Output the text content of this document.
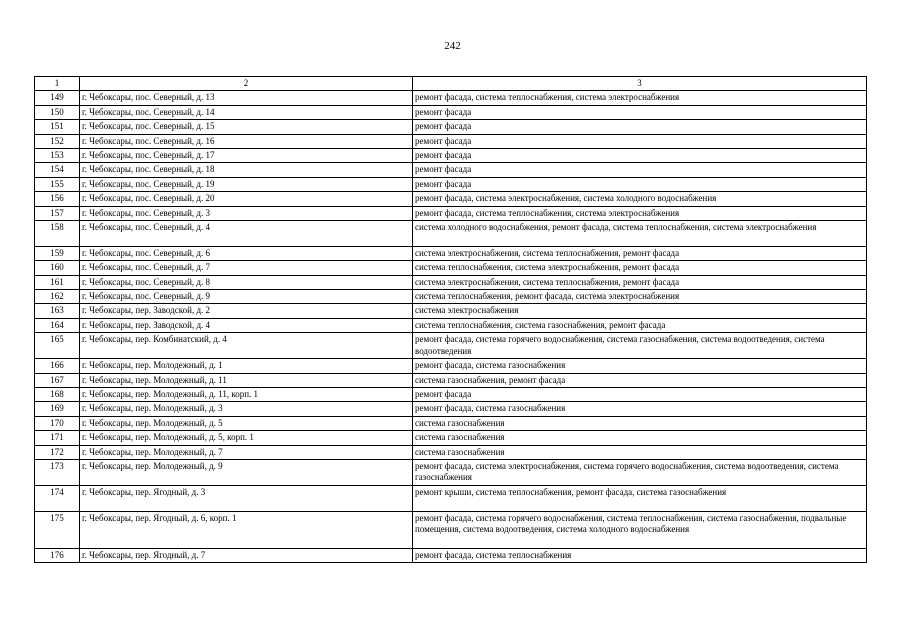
242
1	2	3
149	г. Чебоксары, пос. Северный, д. 13	ремонт фасада, система теплоснабжения, система электроснабжения
150	г. Чебоксары, пос. Северный, д. 14	ремонт фасада
151	г. Чебоксары, пос. Северный, д. 15	ремонт фасада
152	г. Чебоксары, пос. Северный, д. 16	ремонт фасада
153	г. Чебоксары, пос. Северный, д. 17	ремонт фасада
154	г. Чебоксары, пос. Северный, д. 18	ремонт фасада
155	г. Чебоксары, пос. Северный, д. 19	ремонт фасада
156	г. Чебоксары, пос. Северный, д. 20	ремонт фасада, система электроснабжения, система холодного водоснабжения
157	г. Чебоксары, пос. Северный, д. 3	ремонт фасада, система теплоснабжения, система электроснабжения
158	г. Чебоксары, пос. Северный, д. 4	система холодного водоснабжения, ремонт фасада, система теплоснабжения, система электроснабжения
159	г. Чебоксары, пос. Северный, д. 6	система электроснабжения, система теплоснабжения, ремонт фасада
160	г. Чебоксары, пос. Северный, д. 7	система теплоснабжения, система электроснабжения, ремонт фасада
161	г. Чебоксары, пос. Северный, д. 8	система электроснабжения, система теплоснабжения, ремонт фасада
162	г. Чебоксары, пос. Северный, д. 9	система теплоснабжения, ремонт фасада, система электроснабжения
163	г. Чебоксары, пер. Заводской, д. 2	система электроснабжения
164	г. Чебоксары, пер. Заводской, д. 4	система теплоснабжения, система газоснабжения, ремонт фасада
165	г. Чебоксары, пер. Комбинатский, д. 4	ремонт фасада, система горячего водоснабжения, система газоснабжения, система водоотведения, система водоотведения
166	г. Чебоксары, пер. Молодежный, д. 1	ремонт фасада, система газоснабжения
167	г. Чебоксары, пер. Молодежный, д. 11	система газоснабжения, ремонт фасада
168	г. Чебоксары, пер. Молодежный, д. 11, корп. 1	ремонт фасада
169	г. Чебоксары, пер. Молодежный, д. 3	ремонт фасада, система газоснабжения
170	г. Чебоксары, пер. Молодежный, д. 5	система газоснабжения
171	г. Чебоксары, пер. Молодежный, д. 5, корп. 1	система газоснабжения
172	г. Чебоксары, пер. Молодежный, д. 7	система газоснабжения
173	г. Чебоксары, пер. Молодежный, д. 9	ремонт фасада, система электроснабжения, система горячего водоснабжения, система водоотведения, система газоснабжения
174	г. Чебоксары, пер. Ягодный, д. 3	ремонт крыши, система теплоснабжения, ремонт фасада, система газоснабжения
175	г. Чебоксары, пер. Ягодный, д. 6, корп. 1	ремонт фасада, система горячего водоснабжения, система теплоснабжения, система газоснабжения, подвальные помещения, система водоотведения, система холодного водоснабжения
176	г. Чебоксары, пер. Ягодный, д. 7	ремонт фасада, система теплоснабжения
